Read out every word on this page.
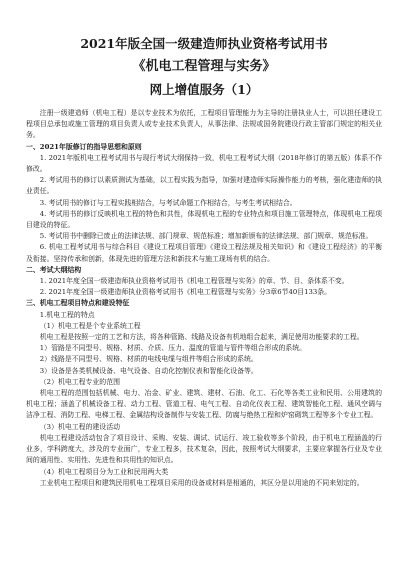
2021年版全国一级建造师执业资格考试用书
《机电工程管理与实务》
网上增值服务（1）

注册一级建造师（机电工程）是以专业技术为依托，工程项目管理能力为主导的注册执业人士，可以担任建设工程项目总承包或施工管理的项目负责人或专业技术负责人，从事法律、法规或国务院建设行政主管部门规定的相关业务。

一、2021年版修订的指导思想和原则

1. 2021年版机电工程考试用书与现行考试大纲保持一致，机电工程考试大纲（2018年修订的第五版）体系不作修改。

2. 考试用书的修订以素质测试为基础，以工程实践为指导，加强对建造师实际操作能力的考核，强化建造师的执业责任。

3. 考试用书的修订与工程实践相结合，与考试命题工作相结合，与考生考试相结合。

4. 考试用书的修订反映机电工程的特色和共性，体现机电工程的专业特点和项目施工管理特点，体现机电工程项目建设的特征。

5. 考试用书中删除已废止的法律法规、部门规章、规范标准；增加新颁布的法律法规、部门规章、规范标准。

6. 机电工程考试用书与综合科目《建设工程项目管理》《建设工程法规及相关知识》和《建设工程经济》的平衡及衔接。坚持传承和创新，体现先进的管理方法和新技术与施工现场有机的结合。

二、考试大纲结构

1. 2021年度全国一级建造师执业资格考试用书《机电工程管理与实务》的章、节、目、条体系不变。

2. 2021年度全国一级建造师执业资格考试用书《机电工程管理与实务》分3章6节40目133条。

三、机电工程项目特点和建设特征

1.机电工程的特点

（1）机电工程是个专业系统工程

机电工程是按照一定的工艺和方法，将各种管路、线路及设备有机地组合起来，满足使用功能要求的工程。

1）管路是不同型号、规格、材质、介质、压力、温度的管道与管件等组合形成的系统。

2）线路是不同型号、规格、材质的电线电缆与组件等组合形成的系统。

3）设备是各类机械设备、电气设备、自动化控制仪表和智能化设备等。

（2）机电工程专业的范围

机电工程的范围包括机械、电力、冶金、矿业、建筑、建材、石油、化工、石化等各类工业和民用、公用建筑的机电工程；涵盖了机械设备工程、动力工程、管道工程、电气工程、自动化仪表工程、建筑智能化工程、通风空调与洁净工程、消防工程、电梯工程、金属结构设备制作与安装工程、防腐与绝热工程和炉窑砌筑工程等多个专业工程。

（3）机电工程的建设活动

机电工程建设活动包含了项目设计、采购、安装、调试、试运行、竣工验收等多个阶段，由于机电工程涵盖的行业多，学科跨度大，涉及的专业面广，专业工程多，技术复杂，因此，按照考试大纲要求，主要应掌握各行业及专业间的通用性、实用性、先进性和共用性的知识点。

（4）机电工程项目分为工业和民用两大类

工业机电工程项目和建筑民用机电工程项目采用的设备或材料是相通的，其区分是以用途的不同来划定的。
